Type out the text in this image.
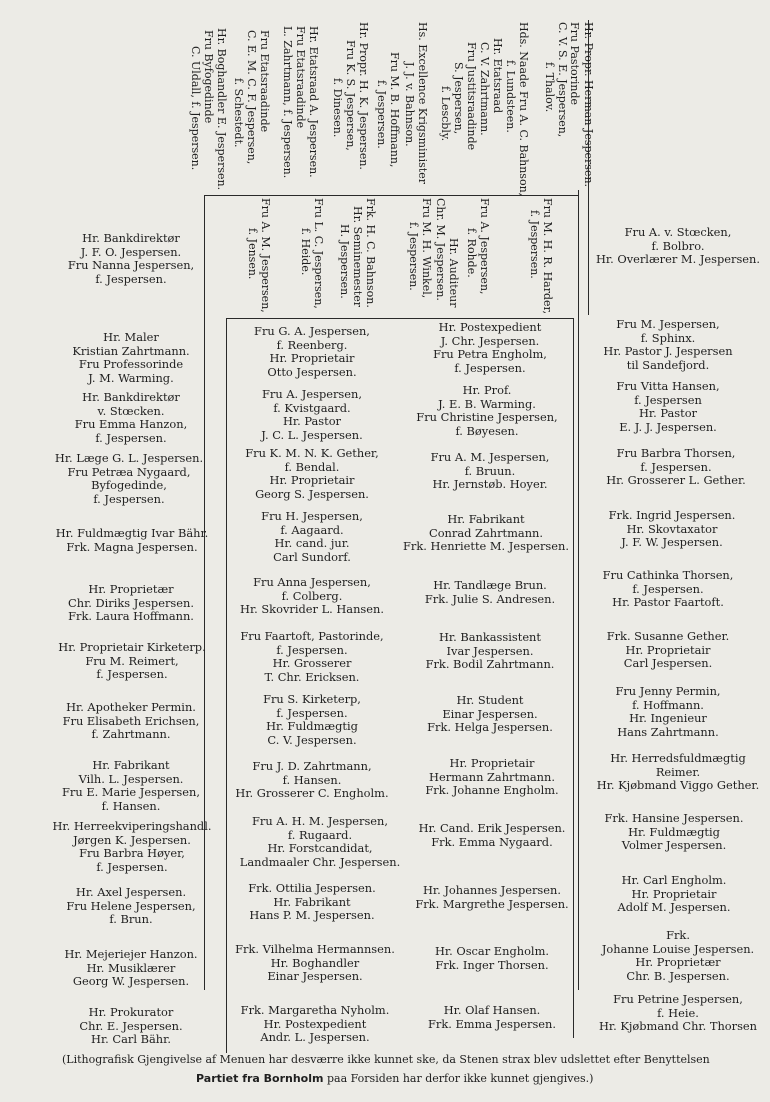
Hr. Propr. Herman Jespersen.
Fru Pastorinde
C. V. S. E. Jespersen,
f. Thalov.
Hds. Naade Fru A. C. Bahnson,
f. Lundsteen.
Hr. Etatsraad
C. V. Zahrtmann.
Fru Justitsraadinde
S. Jespersen,
f. Lescbly.
Hs. Excellence Krigsminister
J. J. v. Bahnson.
Fru M. B. Hoffmann,
f. Jespersen.
Hr. Propr. H. K. Jespersen.
Fru K. S. Jespersen,
f. Dinesen.
Hr. Etatsraad A. Jespersen.
Fru Etatsraadinde
L. Zahrtmann, f. Jespersen.
Fru Etatsraadinde
C. E. M. C. F. Jespersen,
f. Schestedt.
Hr. Boghandler E. Jespersen.
Fru Byfogedinde
C. Uldall, f. Jespersen.
Fru M. H. R. Harder,
f. Jespersen.
Fru A. Jespersen,
f. Rohde.
Hr. Auditeur
Chr. M. Jespersen.
Fru M. H. Winkel,
f. Jespersen.
Frk. H. C. Bahnson.
Hr. Seminemester
H. Jespersen.
Fru L. C. Jespersen,
f. Heide.
Fru A. M. Jespersen,
f. Jensen.
Hr. Bankdirektør
J. F. O. Jespersen.
Fru Nanna Jespersen,
f. Jespersen.
Hr. Maler
Kristian Zahrtmann.
Fru Professorinde
J. M. Warming.
Hr. Bankdirektør
v. Stœcken.
Fru Emma Hanzon,
f. Jespersen.
Hr. Læge G. L. Jespersen.
Fru Petræa Nygaard,
Byfogedinde,
f. Jespersen.
Hr. Fuldmægtig Ivar Bähr.
Frk. Magna Jespersen.
Hr. Proprietær
Chr. Diriks Jespersen.
Frk. Laura Hoffmann.
Hr. Proprietair Kirketerp.
Fru M. Reimert,
f. Jespersen.
Hr. Apotheker Permin.
Fru Elisabeth Erichsen,
f. Zahrtmann.
Hr. Fabrikant
Vilh. L. Jespersen.
Fru E. Marie Jespersen,
f. Hansen.
Hr. Herreekviperingshandl.
Jørgen K. Jespersen.
Fru Barbra Høyer,
f. Jespersen.
Hr. Axel Jespersen.
Fru Helene Jespersen,
f. Brun.
Hr. Mejeriejer Hanzon.
Hr. Musiklærer
Georg W. Jespersen.
Hr. Prokurator
Chr. E. Jespersen.
Hr. Carl Bähr.
Fru G. A. Jespersen,
f. Reenberg.
Hr. Proprietair
Otto Jespersen.
Fru A. Jespersen,
f. Kvistgaard.
Hr. Pastor
J. C. L. Jespersen.
Fru K. M. N. K. Gether,
f. Bendal.
Hr. Proprietair
Georg S. Jespersen.
Fru H. Jespersen,
f. Aagaard.
Hr. cand. jur.
Carl Sundorf.
Fru Anna Jespersen,
f. Colberg.
Hr. Skovrider L. Hansen.
Fru Faartoft, Pastorinde,
f. Jespersen.
Hr. Grosserer
T. Chr. Ericksen.
Fru S. Kirketerp,
f. Jespersen.
Hr. Fuldmægtig
C. V. Jespersen.
Fru J. D. Zahrtmann,
f. Hansen.
Hr. Grosserer C. Engholm.
Fru A. H. M. Jespersen,
f. Rugaard.
Hr. Forstcandidat,
Landmaaler Chr. Jespersen.
Frk. Ottilia Jespersen.
Hr. Fabrikant
Hans P. M. Jespersen.
Frk. Vilhelma Hermannsen.
Hr. Boghandler
Einar Jespersen.
Frk. Margaretha Nyholm.
Hr. Postexpedient
Andr. L. Jespersen.
Hr. Postexpedient
J. Chr. Jespersen.
Fru Petra Engholm,
f. Jespersen.
Hr. Prof.
J. E. B. Warming.
Fru Christine Jespersen,
f. Bøyesen.
Fru A. M. Jespersen,
f. Bruun.
Hr. Jernstøb. Hoyer.
Hr. Fabrikant
Conrad Zahrtmann.
Frk. Henriette M. Jespersen.
Hr. Tandlæge Brun.
Frk. Julie S. Andresen.
Hr. Bankassistent
Ivar Jespersen.
Frk. Bodil Zahrtmann.
Hr. Student
Einar Jespersen.
Frk. Helga Jespersen.
Hr. Proprietair
Hermann Zahrtmann.
Frk. Johanne Engholm.
Hr. Cand. Erik Jespersen.
Frk. Emma Nygaard.
Hr. Johannes Jespersen.
Frk. Margrethe Jespersen.
Hr. Oscar Engholm.
Frk. Inger Thorsen.
Hr. Olaf Hansen.
Frk. Emma Jespersen.
Fru A. v. Stœcken,
f. Bolbro.
Hr. Overlærer M. Jespersen.
Fru M. Jespersen,
f. Sphinx.
Hr. Pastor J. Jespersen
til Sandefjord.
Fru Vitta Hansen,
f. Jespersen
Hr. Pastor
E. J. J. Jespersen.
Fru Barbra Thorsen,
f. Jespersen.
Hr. Grosserer L. Gether.
Frk. Ingrid Jespersen.
Hr. Skovtaxator
J. F. W. Jespersen.
Fru Cathinka Thorsen,
f. Jespersen.
Hr. Pastor Faartoft.
Frk. Susanne Gether.
Hr. Proprietair
Carl Jespersen.
Fru Jenny Permin,
f. Hoffmann.
Hr. Ingenieur
Hans Zahrtmann.
Hr. Herredsfuldmægtig
Reimer.
Hr. Kjøbmand Viggo Gether.
Frk. Hansine Jespersen.
Hr. Fuldmægtig
Volmer Jespersen.
Hr. Carl Engholm.
Hr. Proprietair
Adolf M. Jespersen.
Frk.
Johanne Louise Jespersen.
Hr. Proprietær
Chr. B. Jespersen.
Fru Petrine Jespersen,
f. Heie.
Hr. Kjøbmand Chr. Thorsen
(Lithografisk Gjengivelse af Menuen har desværre ikke kunnet ske, da Stenen strax blev udslettet efter Benyttelsen
Partiet fra Bornholm paa Forsiden har derfor ikke kunnet gjengives.)
